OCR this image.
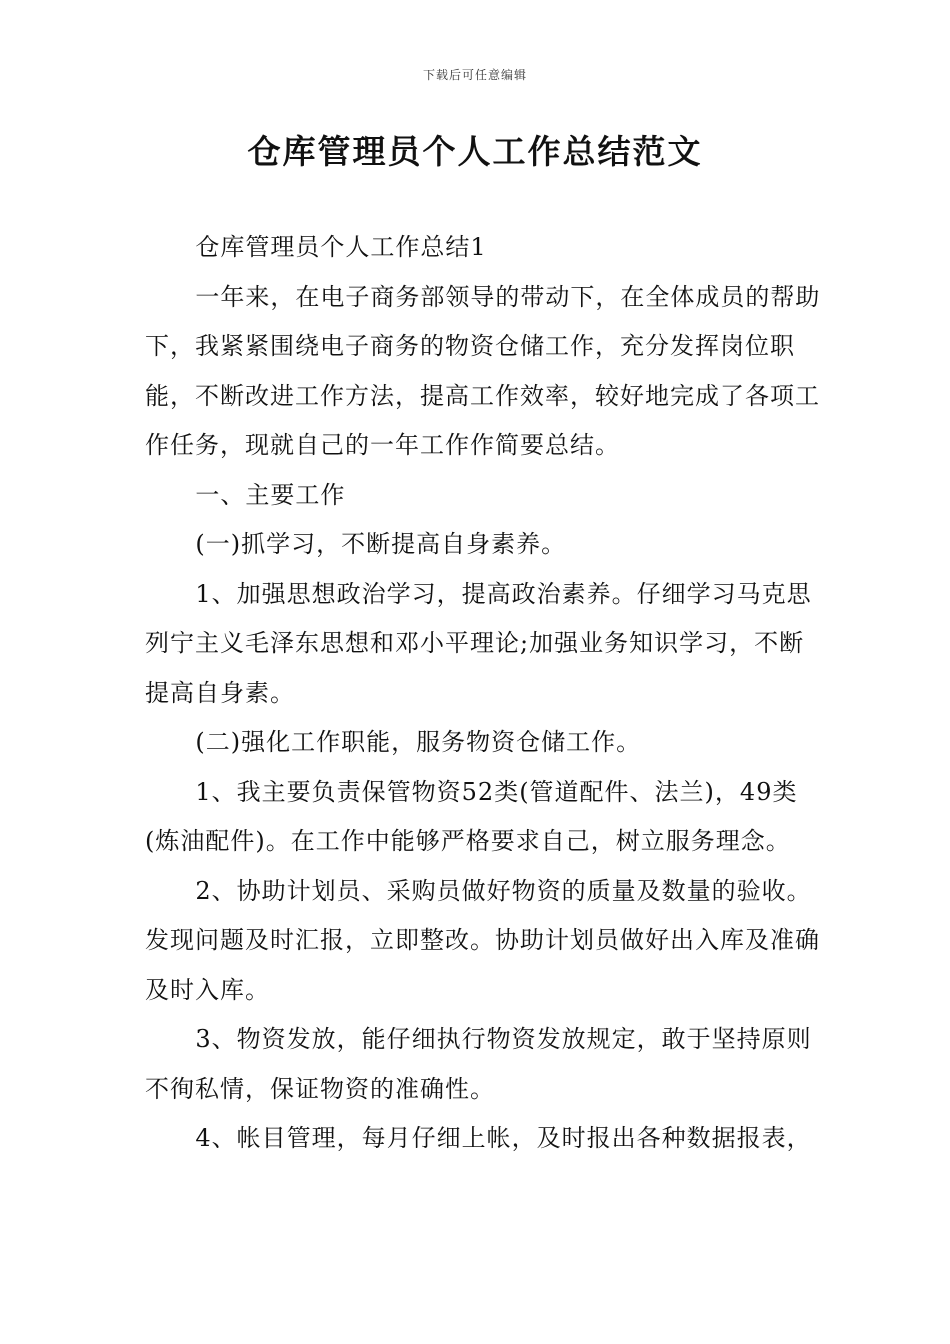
下载后可任意编辑
仓库管理员个人工作总结范文

仓库管理员个人工作总结1

一年来，在电子商务部领导的带动下，在全体成员的帮助下，我紧紧围绕电子商务的物资仓储工作，充分发挥岗位职能，不断改进工作方法，提高工作效率，较好地完成了各项工作任务，现就自己的一年工作作简要总结。

一、主要工作

(一)抓学习，不断提高自身素养。

1、加强思想政治学习，提高政治素养。仔细学习马克思列宁主义毛泽东思想和邓小平理论;加强业务知识学习，不断提高自身素。

(二)强化工作职能，服务物资仓储工作。

1、我主要负责保管物资52类(管道配件、法兰)，49类(炼油配件)。在工作中能够严格要求自己，树立服务理念。

2、协助计划员、采购员做好物资的质量及数量的验收。发现问题及时汇报，立即整改。协助计划员做好出入库及准确及时入库。

3、物资发放，能仔细执行物资发放规定，敢于坚持原则不徇私情，保证物资的准确性。

4、帐目管理，每月仔细上帐，及时报出各种数据报表，
